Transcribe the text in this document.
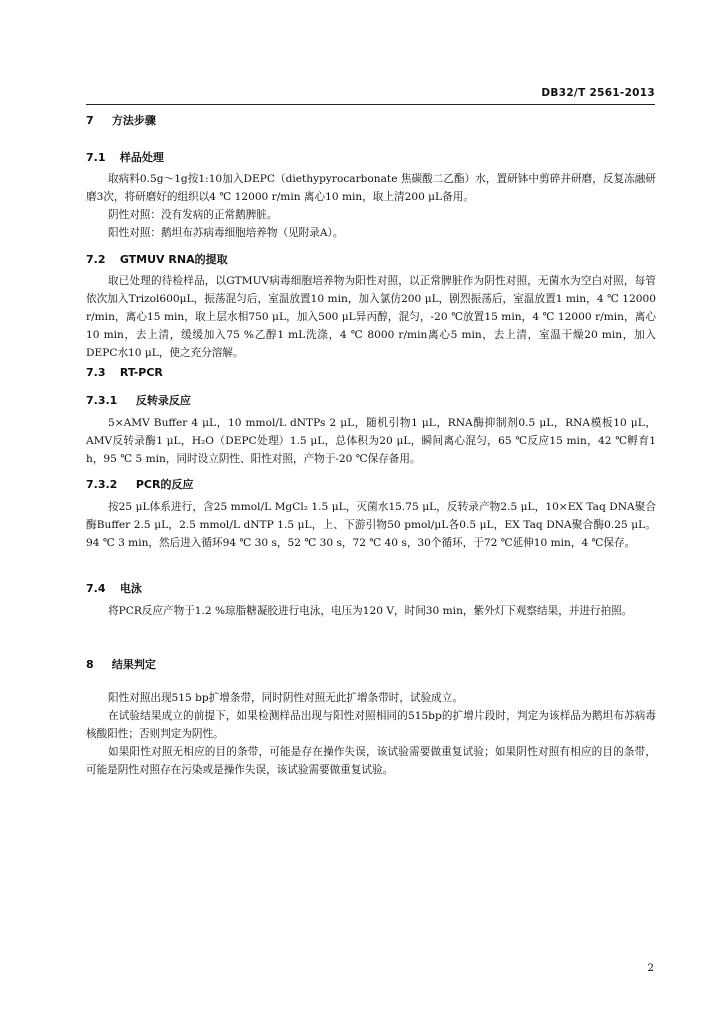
DB32/T 2561-2013
7 方法步骤
7.1 样品处理
取病料0.5g～1g按1:10加入DEPC（diethypyrocarbonate 焦碳酸二乙酯）水，置研钵中剪碎并研磨，反复冻融研磨3次，将研磨好的组织以4 ℃ 12000 r/min 离心10 min，取上清200 μL备用。
阴性对照：没有发病的正常鹅脾脏。
阳性对照：鹅坦布苏病毒细胞培养物（见附录A）。
7.2 GTMUV RNA的提取
取已处理的待检样品，以GTMUV病毒细胞培养物为阳性对照，以正常脾脏作为阴性对照，无菌水为空白对照，每管依次加入Trizol600μL，振荡混匀后，室温放置10 min，加入氯仿200 μL，剧烈振荡后，室温放置1 min，4 ℃ 12000 r/min，离心15 min，取上层水相750 μL，加入500 μL异丙醇，混匀，-20 ℃放置15 min，4 ℃ 12000 r/min，离心10 min，去上清，缓缓加入75 %乙醇1 mL洗涤，4 ℃ 8000 r/min离心5 min，去上清，室温干燥20 min，加入DEPC水10 μL，使之充分溶解。
7.3 RT-PCR
7.3.1 反转录反应
5×AMV Buffer 4 μL，10 mmol/L dNTPs 2 μL，随机引物1 μL，RNA酶抑制剂0.5 μL，RNA模板10 μL，AMV反转录酶1 μL，H₂O（DEPC处理）1.5 μL，总体积为20 μL，瞬间离心混匀，65 ℃反应15 min，42 ℃孵育1 h，95 ℃ 5 min，同时设立阴性、阳性对照，产物于-20 ℃保存备用。
7.3.2 PCR的反应
按25 μL体系进行，含25 mmol/L MgCl₂ 1.5 μL，灭菌水15.75 μL，反转录产物2.5 μL，10×EX Taq DNA聚合酶Buffer 2.5 μL，2.5 mmol/L dNTP 1.5 μL，上、下游引物50 pmol/μL各0.5 μL，EX Taq DNA聚合酶0.25 μL。94 ℃ 3 min，然后进入循环94 ℃ 30 s，52 ℃ 30 s，72 ℃ 40 s，30个循环，于72 ℃延伸10 min，4 ℃保存。
7.4 电泳
将PCR反应产物于1.2 %琼脂糖凝胶进行电泳，电压为120 V，时间30 min，紫外灯下观察结果，并进行拍照。
8 结果判定
阳性对照出现515 bp扩增条带，同时阴性对照无此扩增条带时，试验成立。
在试验结果成立的前提下，如果检测样品出现与阳性对照相同的515bp的扩增片段时，判定为该样品为鹅坦布苏病毒核酸阳性；否则判定为阴性。
如果阳性对照无相应的目的条带，可能是存在操作失误，该试验需要做重复试验；如果阴性对照有相应的目的条带，可能是阴性对照存在污染或是操作失误，该试验需要做重复试验。
2
